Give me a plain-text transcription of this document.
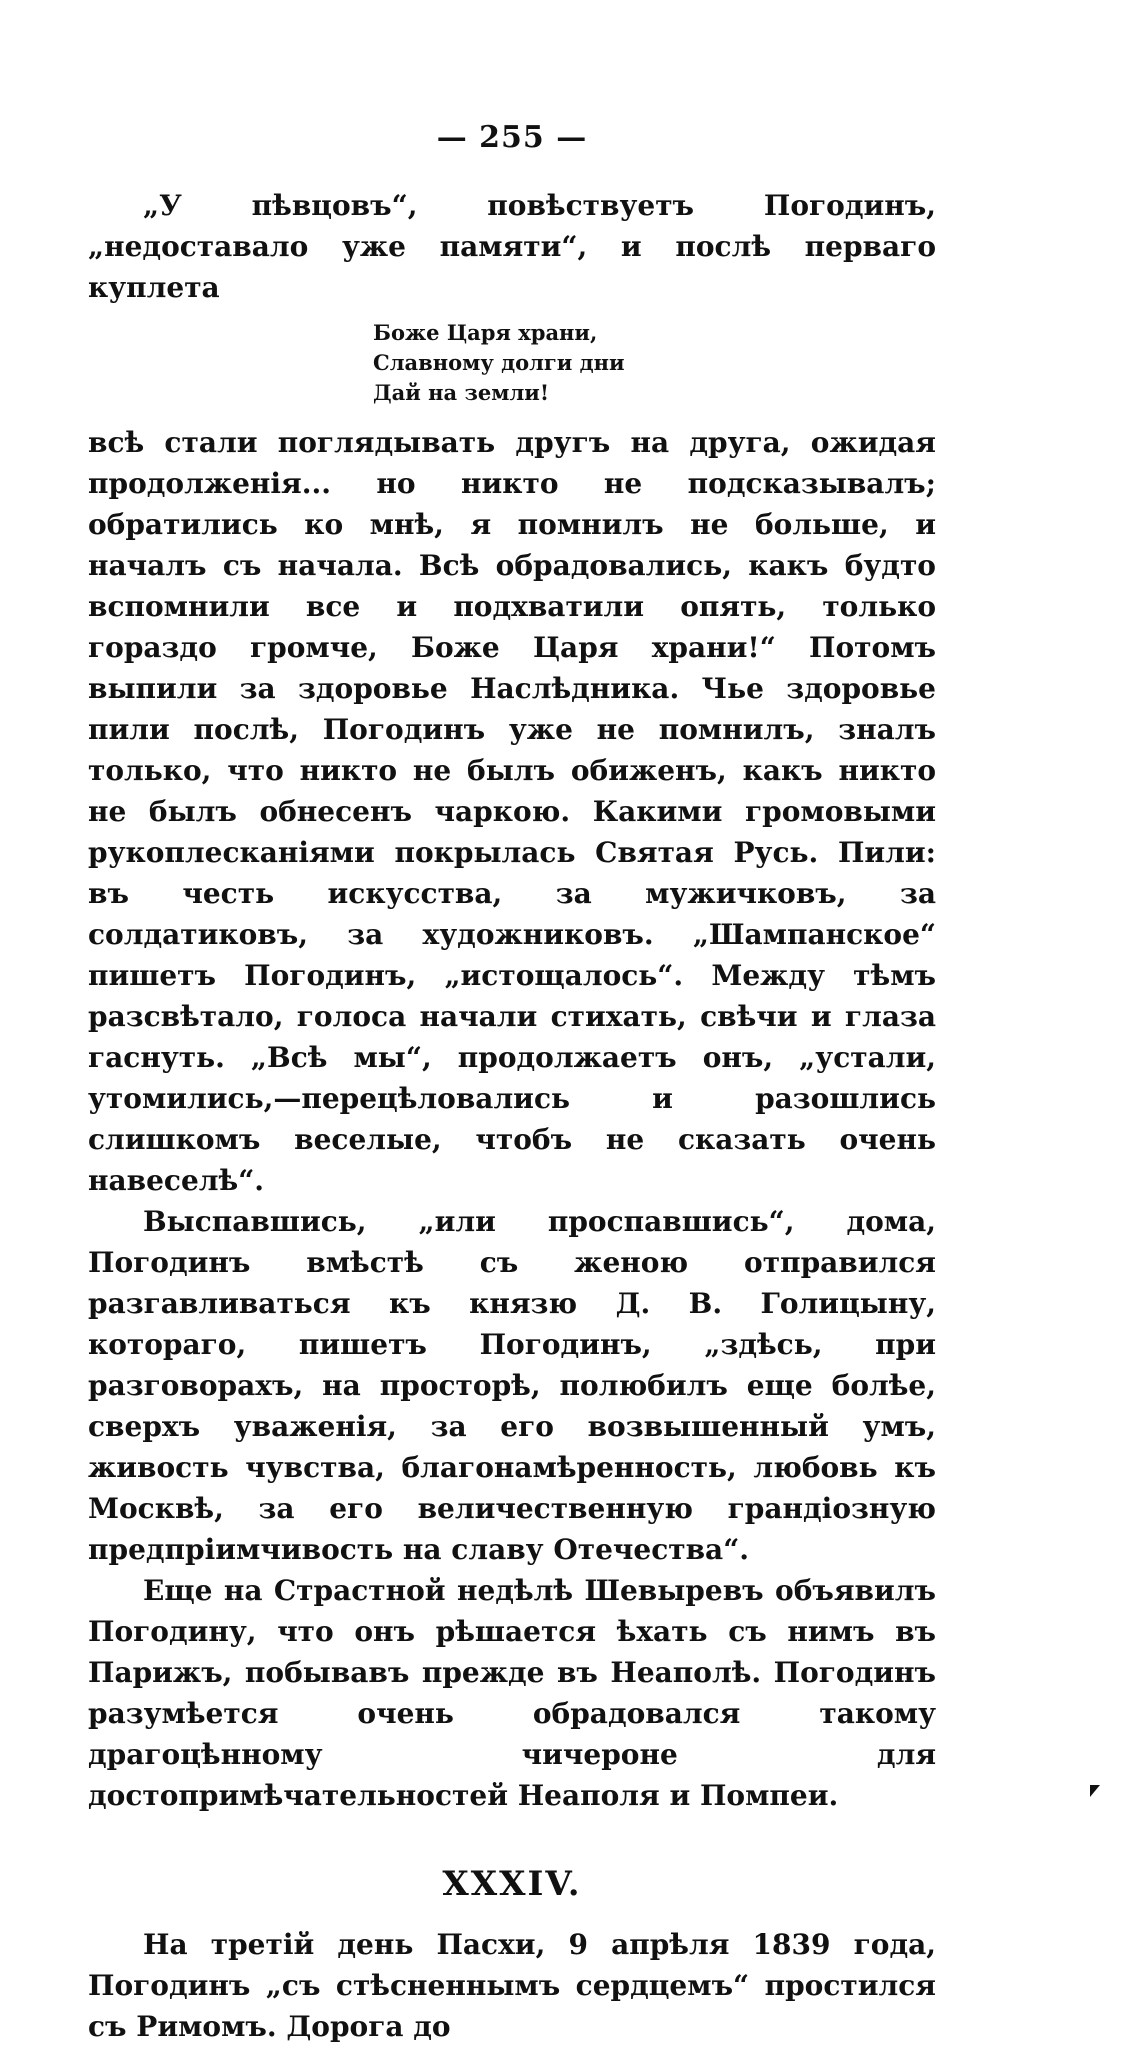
— 255 —

„У пѣвцовъ“, повѣствуетъ Погодинъ, „недоставало уже памяти“, и послѣ перваго куплета

Боже Царя храни,
Славному долги дни
Дай на земли!

всѣ стали поглядывать другъ на друга, ожидая продолженія... но никто не подсказывалъ; обратились ко мнѣ, я помнилъ не больше, и началъ съ начала. Всѣ обрадовались, какъ будто вспомнили все и подхватили опять, только гораздо громче, Боже Царя храни!“ Потомъ выпили за здоровье Наслѣдника. Чье здоровье пили послѣ, Погодинъ уже не помнилъ, зналъ только, что никто не былъ обиженъ, какъ никто не былъ обнесенъ чаркою. Какими громовыми рукоплесканіями покрылась Святая Русь. Пили: въ честь искусства, за мужичковъ, за солдатиковъ, за художниковъ. „Шампанское“ пишетъ Погодинъ, „истощалось“. Между тѣмъ разсвѣтало, голоса начали стихать, свѣчи и глаза гаснуть. „Всѣ мы“, продолжаетъ онъ, „устали, утомились,—перецѣловались и разошлись слишкомъ веселые, чтобъ не сказать очень навеселѣ“.

Выспавшись, „или проспавшись“, дома, Погодинъ вмѣстѣ съ женою отправился разгавливаться къ князю Д. В. Голицыну, котораго, пишетъ Погодинъ, „здѣсь, при разговорахъ, на просторѣ, полюбилъ еще болѣе, сверхъ уваженія, за его возвышенный умъ, живость чувства, благонамѣренность, любовь къ Москвѣ, за его величественную грандіозную предпріимчивость на славу Отечества“.

Еще на Страстной недѣлѣ Шевыревъ объявилъ Погодину, что онъ рѣшается ѣхать съ нимъ въ Парижъ, побывавъ прежде въ Неаполѣ. Погодинъ разумѣется очень обрадовался такому драгоцѣнному чичероне для достопримѣчательностей Неаполя и Помпеи.

XXXIV.

На третій день Пасхи, 9 апрѣля 1839 года, Погодинъ „съ стѣсненнымъ сердцемъ“ простился съ Римомъ. Дорога до
